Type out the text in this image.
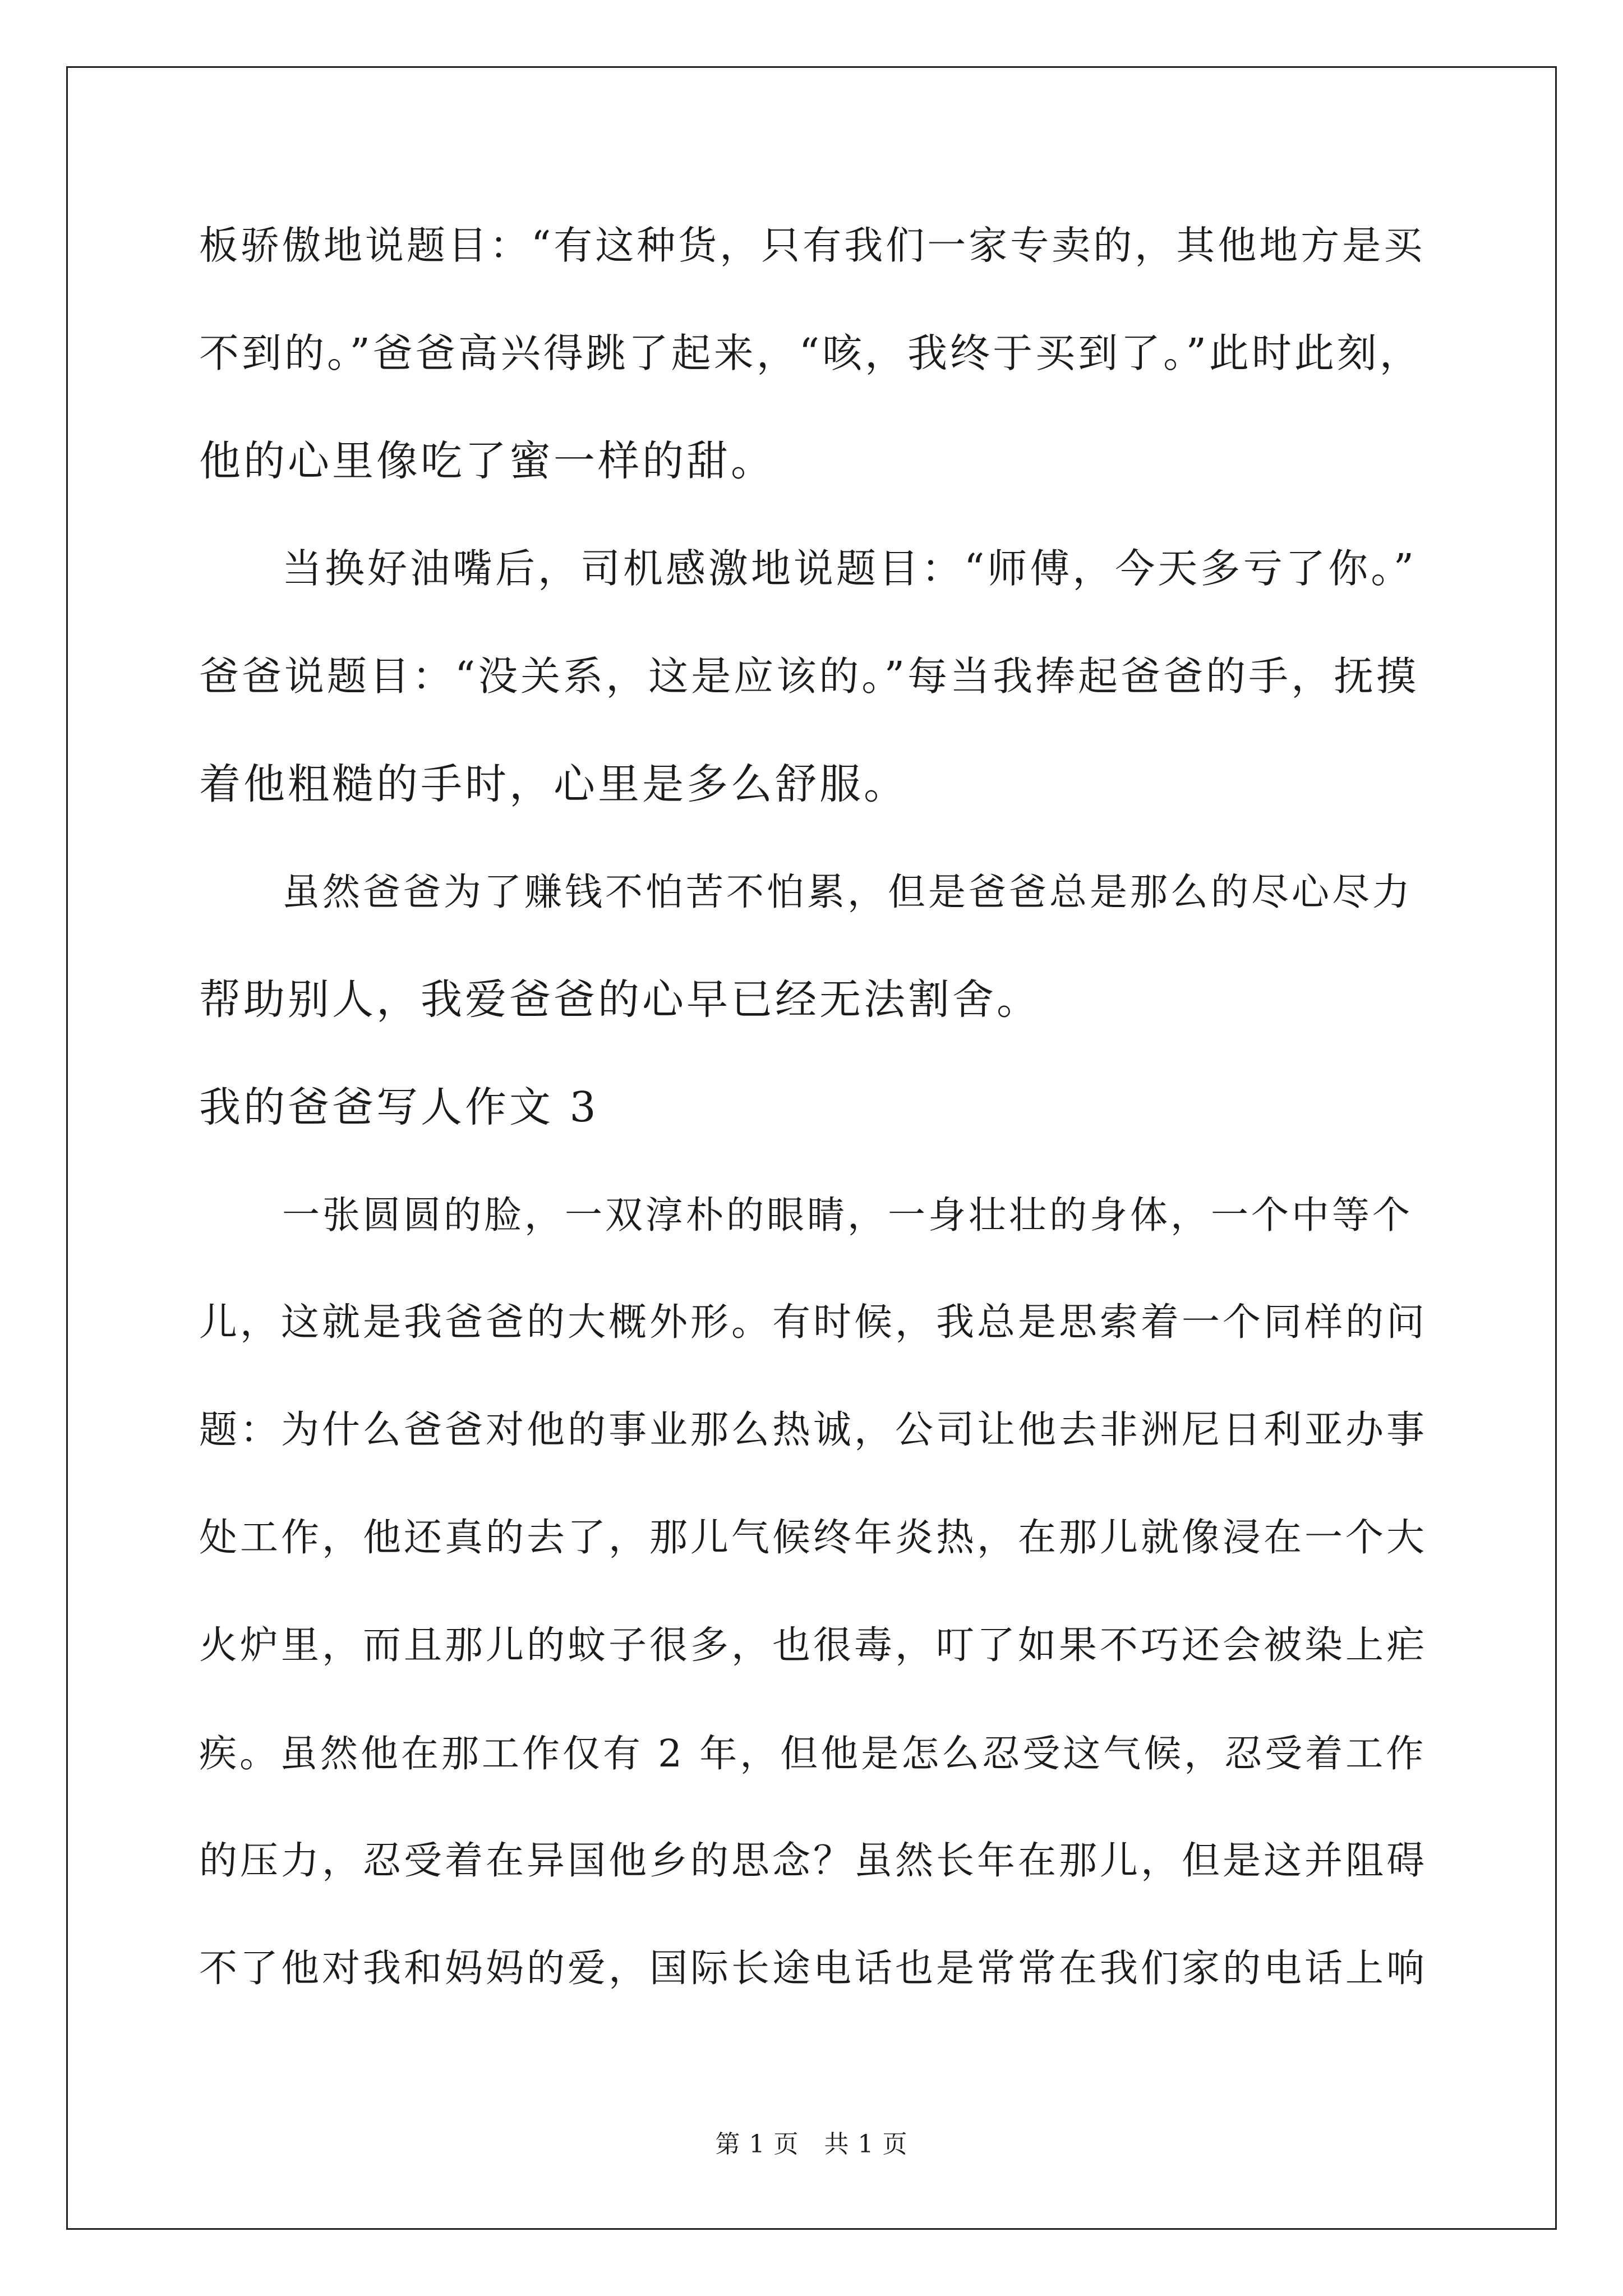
板骄傲地说题目：“有这种货，只有我们一家专卖的，其他地方是买
不到的。”爸爸高兴得跳了起来，“咳，我终于买到了。”此时此刻，
他的心里像吃了蜜一样的甜。
当换好油嘴后，司机感激地说题目：“师傅，今天多亏了你。”
爸爸说题目：“没关系，这是应该的。”每当我捧起爸爸的手，抚摸
着他粗糙的手时，心里是多么舒服。
虽然爸爸为了赚钱不怕苦不怕累，但是爸爸总是那么的尽心尽力
帮助别人，我爱爸爸的心早已经无法割舍。
我的爸爸写人作文 3
一张圆圆的脸，一双淳朴的眼睛，一身壮壮的身体，一个中等个
儿，这就是我爸爸的大概外形。有时候，我总是思索着一个同样的问
题：为什么爸爸对他的事业那么热诚，公司让他去非洲尼日利亚办事
处工作，他还真的去了，那儿气候终年炎热，在那儿就像浸在一个大
火炉里，而且那儿的蚊子很多，也很毒，叮了如果不巧还会被染上疟
疾。虽然他在那工作仅有 2 年，但他是怎么忍受这气候，忍受着工作
的压力，忍受着在异国他乡的思念？虽然长年在那儿，但是这并阻碍
不了他对我和妈妈的爱，国际长途电话也是常常在我们家的电话上响
第 1 页　共 1 页
